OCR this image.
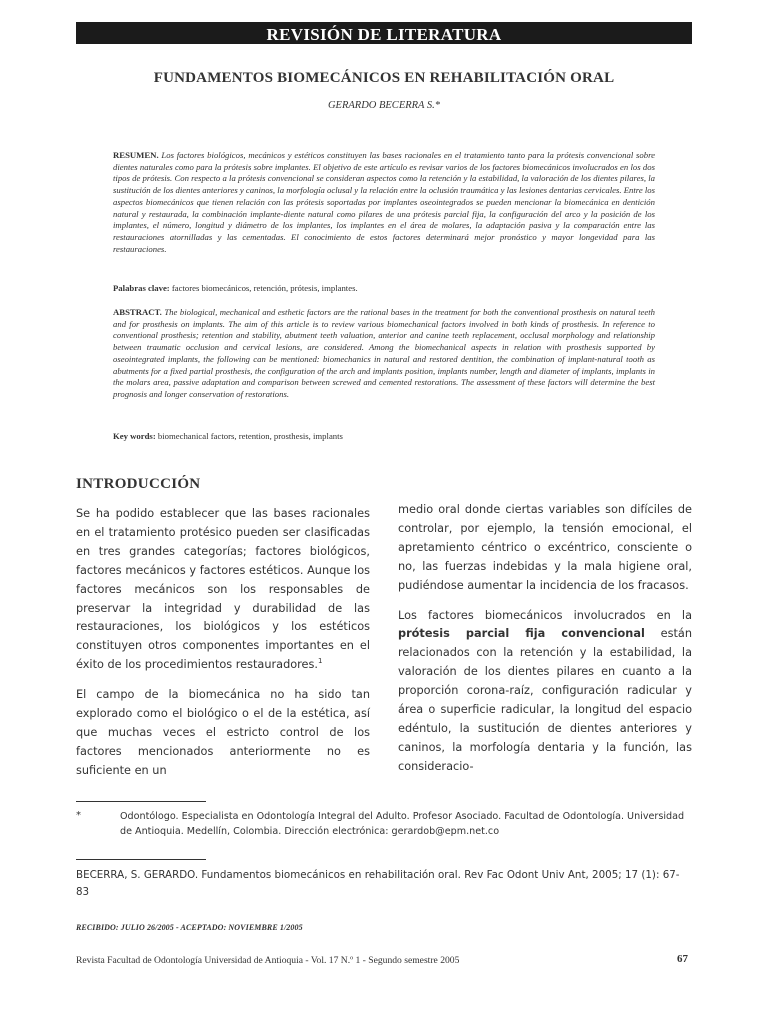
REVISIÓN DE LITERATURA
FUNDAMENTOS BIOMECÁNICOS EN REHABILITACIÓN ORAL
GERARDO BECERRA S.*
RESUMEN. Los factores biológicos, mecánicos y estéticos constituyen las bases racionales en el tratamiento tanto para la prótesis convencional sobre dientes naturales como para la prótesis sobre implantes. El objetivo de este artículo es revisar varios de los factores biomecánicos involucrados en los dos tipos de prótesis. Con respecto a la prótesis convencional se consideran aspectos como la retención y la estabilidad, la valoración de los dientes pilares, la sustitución de los dientes anteriores y caninos, la morfología oclusal y la relación entre la oclusión traumática y las lesiones dentarias cervicales. Entre los aspectos biomecánicos que tienen relación con las prótesis soportadas por implantes oseointegrados se pueden mencionar la biomecánica en dentición natural y restaurada, la combinación implante-diente natural como pilares de una prótesis parcial fija, la configuración del arco y la posición de los implantes, el número, longitud y diámetro de los implantes, los implantes en el área de molares, la adaptación pasiva y la comparación entre las restauraciones atornilladas y las cementadas. El conocimiento de estos factores determinará mejor pronóstico y mayor longevidad para las restauraciones.
Palabras clave: factores biomecánicos, retención, prótesis, implantes.
ABSTRACT. The biological, mechanical and esthetic factors are the rational bases in the treatment for both the conventional prosthesis on natural teeth and for prosthesis on implants. The aim of this article is to review various biomechanical factors involved in both kinds of prosthesis. In reference to conventional prosthesis; retention and stability, abutment teeth valuation, anterior and canine teeth replacement, occlusal morphology and relationship between traumatic occlusion and cervical lesions, are considered. Among the biomechanical aspects in relation with prosthesis supported by oseointegrated implants, the following can be mentioned: biomechanics in natural and restored dentition, the combination of implant-natural tooth as abutments for a fixed partial prosthesis, the configuration of the arch and implants position, implants number, length and diameter of implants, implants in the molars area, passive adaptation and comparison between screwed and cemented restorations. The assessment of these factors will determine the best prognosis and longer conservation of restorations.
Key words: biomechanical factors, retention, prosthesis, implants
INTRODUCCIÓN

Se ha podido establecer que las bases racionales en el tratamiento protésico pueden ser clasificadas en tres grandes categorías; factores biológicos, factores mecánicos y factores estéticos. Aunque los factores mecánicos son los responsables de preservar la integridad y durabilidad de las restauraciones, los biológicos y los estéticos constituyen otros componentes importantes en el éxito de los procedimientos restauradores.$^1$

El campo de la biomecánica no ha sido tan explorado como el biológico o el de la estética, así que muchas veces el estricto control de los factores mencionados anteriormente no es suficiente en un

medio oral donde ciertas variables son difíciles de controlar, por ejemplo, la tensión emocional, el apretamiento céntrico o excéntrico, consciente o no, las fuerzas indebidas y la mala higiene oral, pudiéndose aumentar la incidencia de los fracasos.

Los factores biomecánicos involucrados en la prótesis parcial fija convencional están relacionados con la retención y la estabilidad, la valoración de los dientes pilares en cuanto a la proporción corona-raíz, configuración radicular y área o superficie radicular, la longitud del espacio edéntulo, la sustitución de dientes anteriores y caninos, la morfología dentaria y la función, las consideracio-

*	Odontólogo. Especialista en Odontología Integral del Adulto. Profesor Asociado. Facultad de Odontología. Universidad de Antioquia. Medellín, Colombia. Dirección electrónica: gerardob@epm.net.co
BECERRA, S. GERARDO. Fundamentos biomecánicos en rehabilitación oral. Rev Fac Odont Univ Ant, 2005; 17 (1): 67-83
RECIBIDO: JULIO 26/2005 - ACEPTADO: NOVIEMBRE 1/2005
Revista Facultad de Odontología Universidad de Antioquia - Vol. 17 N.º 1 - Segundo semestre 2005	67
